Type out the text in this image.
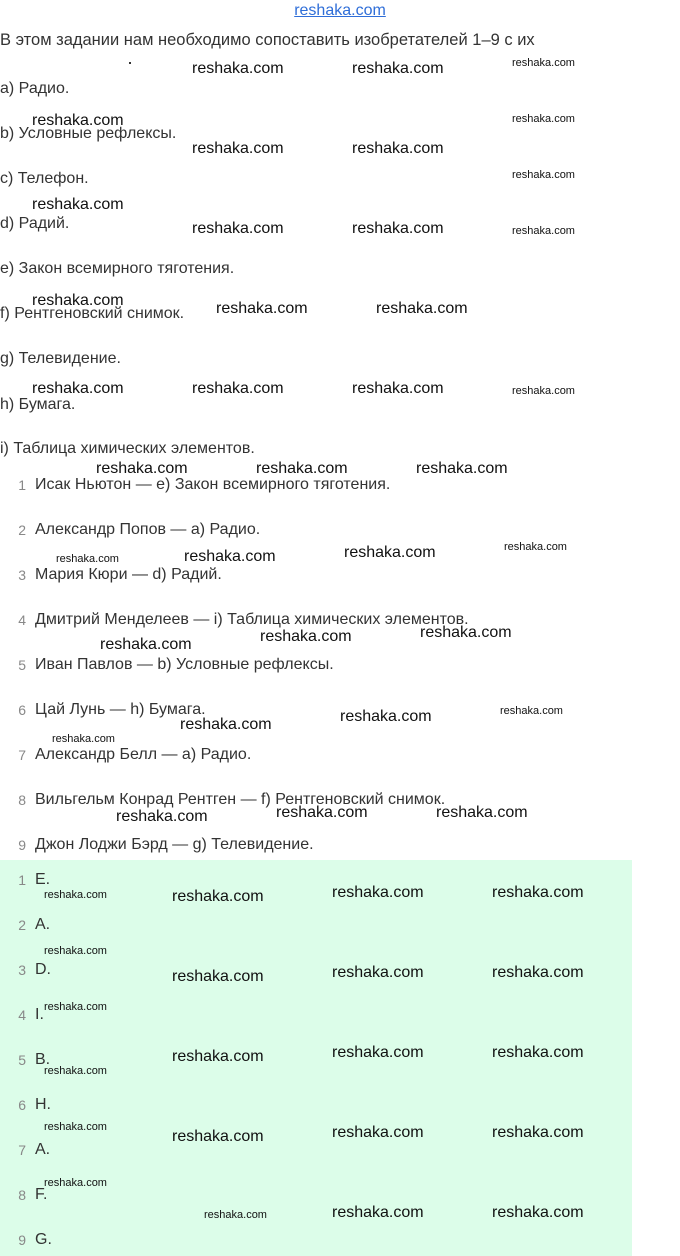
reshaka.com
В этом задании нам необходимо сопоставить изобретателей 1–9 с их
a) Радио.
b) Условные рефлексы.
c) Телефон.
d) Радий.
e) Закон всемирного тяготения.
f) Рентгеновский снимок.
g) Телевидение.
h) Бумага.
i) Таблица химических элементов.
1 Исак Ньютон — e) Закон всемирного тяготения.
2 Александр Попов — a) Радио.
3 Мария Кюри — d) Радий.
4 Дмитрий Менделеев — i) Таблица химических элементов.
5 Иван Павлов — b) Условные рефлексы.
6 Цай Лунь — h) Бумага.
7 Александр Белл — a) Радио.
8 Вильгельм Конрад Рентген — f) Рентгеновский снимок.
9 Джон Лоджи Бэрд — g) Телевидение.
1 E.
2 A.
3 D.
4 I.
5 B.
6 H.
7 A.
8 F.
9 G.
reshaka.com	reshaka.com
reshaka.com
reshaka.com	reshaka.com
reshaka.com
reshaka.com	reshaka.com
reshaka.com	reshaka.com	reshaka.com
reshaka.com	reshaka.com	reshaka.com
reshaka.com	reshaka.com	reshaka.com
reshaka.com	reshaka.com
reshaka.com	reshaka.com	reshaka.com
reshaka.com	reshaka.com
reshaka.com	reshaka.com	reshaka.com
reshaka.com	reshaka.com	reshaka.com
reshaka.com	reshaka.com	reshaka.com
reshaka.com	reshaka.com	reshaka.com
reshaka.com	reshaka.com	reshaka.com
reshaka.com	reshaka.com
reshaka.com
reshaka.com
reshaka.com
reshaka.com
reshaka.com
reshaka.com
reshaka.com
reshaka.com
reshaka.com
reshaka.com
reshaka.com
reshaka.com
reshaka.com
reshaka.com
reshaka.com
reshaka.com
